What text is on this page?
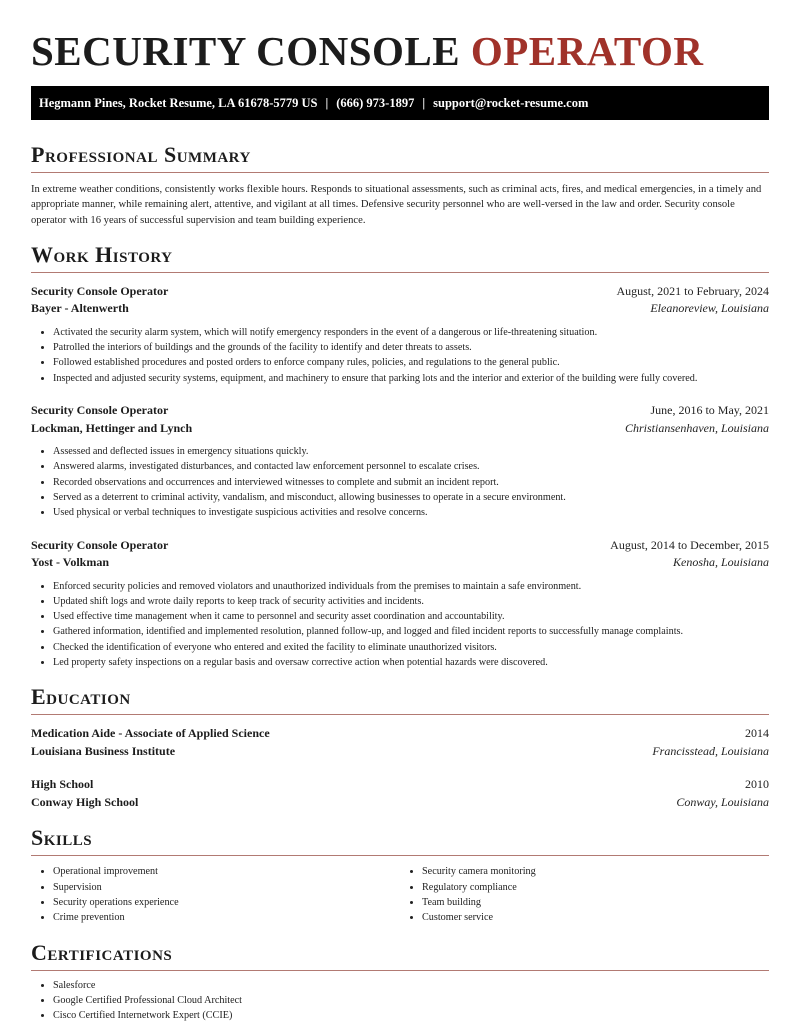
SECURITY CONSOLE OPERATOR
Hegmann Pines, Rocket Resume, LA 61678-5779 US | (666) 973-1897 | support@rocket-resume.com
Professional Summary

In extreme weather conditions, consistently works flexible hours. Responds to situational assessments, such as criminal acts, fires, and medical emergencies, in a timely and appropriate manner, while remaining alert, attentive, and vigilant at all times. Defensive security personnel who are well-versed in the law and order. Security console operator with 16 years of successful supervision and team building experience.

Work History
Security Console Operator	August, 2021 to February, 2024
Bayer - Altenwerth	Eleanoreview, Louisiana
• Activated the security alarm system, which will notify emergency responders in the event of a dangerous or life-threatening situation.
• Patrolled the interiors of buildings and the grounds of the facility to identify and deter threats to assets.
• Followed established procedures and posted orders to enforce company rules, policies, and regulations to the general public.
• Inspected and adjusted security systems, equipment, and machinery to ensure that parking lots and the interior and exterior of the building were fully covered.
Security Console Operator	June, 2016 to May, 2021
Lockman, Hettinger and Lynch	Christiansenhaven, Louisiana
• Assessed and deflected issues in emergency situations quickly.
• Answered alarms, investigated disturbances, and contacted law enforcement personnel to escalate crises.
• Recorded observations and occurrences and interviewed witnesses to complete and submit an incident report.
• Served as a deterrent to criminal activity, vandalism, and misconduct, allowing businesses to operate in a secure environment.
• Used physical or verbal techniques to investigate suspicious activities and resolve concerns.
Security Console Operator	August, 2014 to December, 2015
Yost - Volkman	Kenosha, Louisiana
• Enforced security policies and removed violators and unauthorized individuals from the premises to maintain a safe environment.
• Updated shift logs and wrote daily reports to keep track of security activities and incidents.
• Used effective time management when it came to personnel and security asset coordination and accountability.
• Gathered information, identified and implemented resolution, planned follow-up, and logged and filed incident reports to successfully manage complaints.
• Checked the identification of everyone who entered and exited the facility to eliminate unauthorized visitors.
• Led property safety inspections on a regular basis and oversaw corrective action when potential hazards were discovered.
Education
Medication Aide - Associate of Applied Science	2014
Louisiana Business Institute	Francisstead, Louisiana
High School	2010
Conway High School	Conway, Louisiana
Skills
• Operational improvement
• Supervision
• Security operations experience
• Crime prevention
• Security camera monitoring
• Regulatory compliance
• Team building
• Customer service
Certifications
• Salesforce
• Google Certified Professional Cloud Architect
• Cisco Certified Internetwork Expert (CCIE)
